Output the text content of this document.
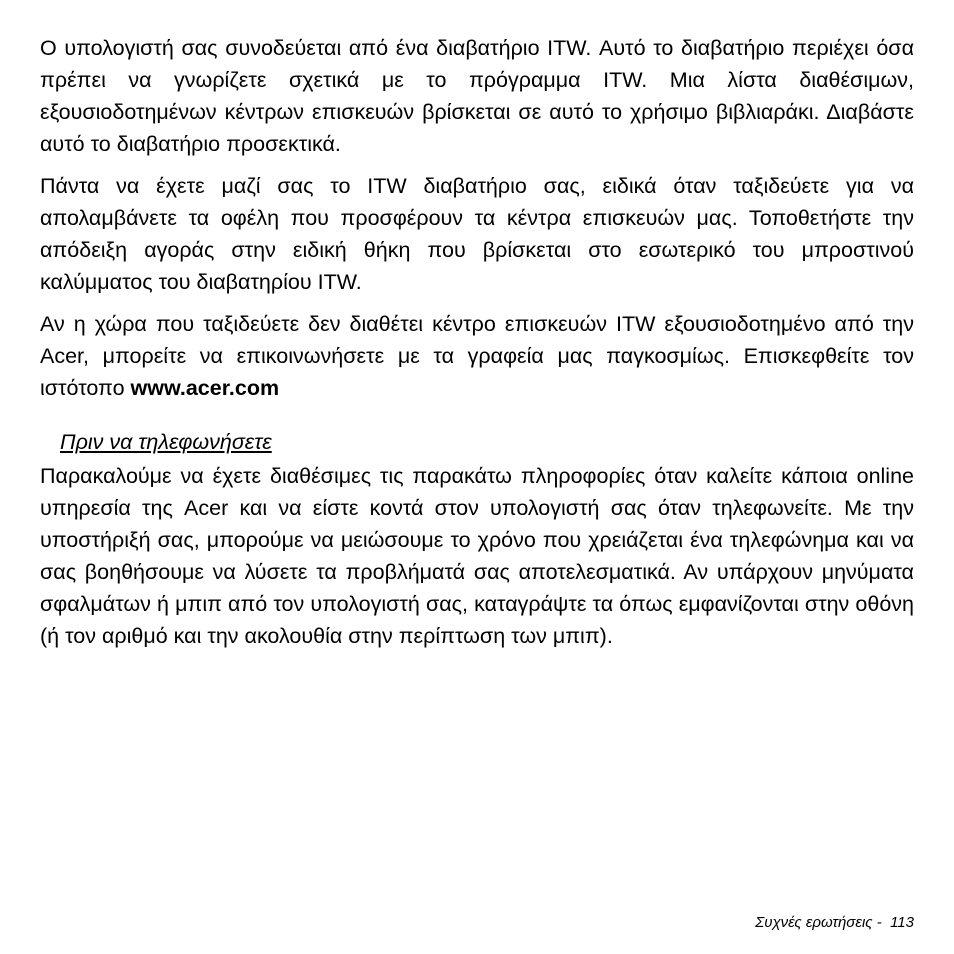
Ο υπολογιστή σας συνοδεύεται από ένα διαβατήριο ITW. Αυτό το διαβατήριο περιέχει όσα πρέπει να γνωρίζετε σχετικά με το πρόγραμμα ITW. Μια λίστα διαθέσιμων, εξουσιοδοτημένων κέντρων επισκευών βρίσκεται σε αυτό το χρήσιμο βιβλιαράκι. Διαβάστε αυτό το διαβατήριο προσεκτικά.

Πάντα να έχετε μαζί σας το ITW διαβατήριο σας, ειδικά όταν ταξιδεύετε για να απολαμβάνετε τα οφέλη που προσφέρουν τα κέντρα επισκευών μας. Τοποθετήστε την απόδειξη αγοράς στην ειδική θήκη που βρίσκεται στο εσωτερικό του μπροστινού καλύμματος του διαβατηρίου ITW.

Αν η χώρα που ταξιδεύετε δεν διαθέτει κέντρο επισκευών ITW εξουσιοδοτημένο από την Acer, μπορείτε να επικοινωνήσετε με τα γραφεία μας παγκοσμίως. Επισκεφθείτε τον ιστότοπο www.acer.com

Πριν να τηλεφωνήσετε

Παρακαλούμε να έχετε διαθέσιμες τις παρακάτω πληροφορίες όταν καλείτε κάποια online υπηρεσία της Acer και να είστε κοντά στον υπολογιστή σας όταν τηλεφωνείτε. Με την υποστήριξή σας, μπορούμε να μειώσουμε το χρόνο που χρειάζεται ένα τηλεφώνημα και να σας βοηθήσουμε να λύσετε τα προβλήματά σας αποτελεσματικά. Αν υπάρχουν μηνύματα σφαλμάτων ή μπιπ από τον υπολογιστή σας, καταγράψτε τα όπως εμφανίζονται στην οθόνη (ή τον αριθμό και την ακολουθία στην περίπτωση των μπιπ).

Συχνές ερωτήσεις - 113
